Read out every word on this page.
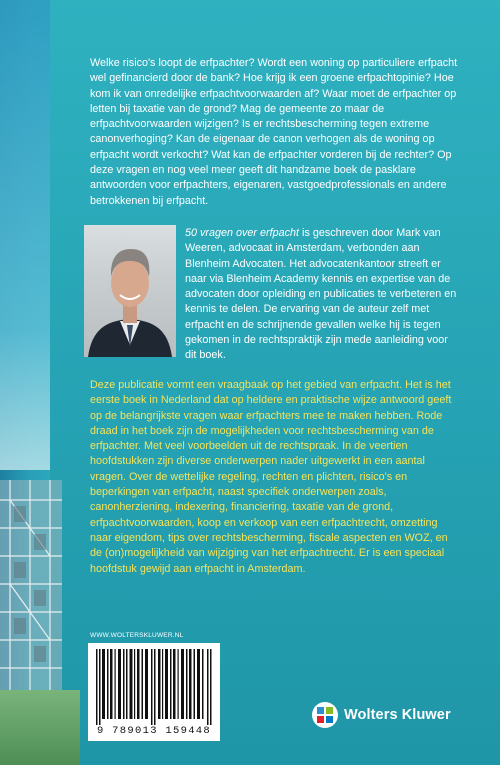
Welke risico's loopt de erfpachter? Wordt een woning op particuliere erfpacht wel gefinancierd door de bank? Hoe krijg ik een groene erfpachtopinie? Hoe kom ik van onredelijke erfpachtvoorwaarden af? Waar moet de erfpachter op letten bij taxatie van de grond? Mag de gemeente zo maar de erfpachtvoorwaarden wijzigen? Is er rechtsbescherming tegen extreme canonverhoging? Kan de eigenaar de canon verhogen als de woning op erfpacht wordt verkocht? Wat kan de erfpachter vorderen bij de rechter? Op deze vragen en nog veel meer geeft dit handzame boek de pasklare antwoorden voor erfpachters, eigenaren, vastgoedprofessionals en andere betrokkenen bij erfpacht.

50 vragen over erfpacht is geschreven door Mark van Weeren, advocaat in Amsterdam, verbonden aan Blenheim Advocaten. Het advocatenkantoor streeft er naar via Blenheim Academy kennis en expertise van de advocaten door opleiding en publicaties te verbeteren en kennis te delen. De ervaring van de auteur zelf met erfpacht en de schrijnende gevallen welke hij is tegen gekomen in de rechtspraktijk zijn mede aanleiding voor dit boek.

Deze publicatie vormt een vraagbaak op het gebied van erfpacht. Het is het eerste boek in Nederland dat op heldere en praktische wijze antwoord geeft op de belangrijkste vragen waar erfpachters mee te maken hebben. Rode draad in het boek zijn de mogelijkheden voor rechtsbescherming van de erfpachter. Met veel voorbeelden uit de rechtspraak. In de veertien hoofdstukken zijn diverse onderwerpen nader uitgewerkt in een aantal vragen. Over de wettelijke regeling, rechten en plichten, risico's en beperkingen van erfpacht, naast specifiek onderwerpen zoals, canonherziening, indexering, financiering, taxatie van de grond, erfpachtvoorwaarden, koop en verkoop van een erfpachtrecht, omzetting naar eigendom, tips over rechtsbescherming, fiscale aspecten en WOZ, en de (on)mogelijkheid van wijziging van het erfpachtrecht. Er is een speciaal hoofdstuk gewijd aan erfpacht in Amsterdam.

WWW.WOLTERSKLUWER.NL

9 789013 159448

Wolters Kluwer
